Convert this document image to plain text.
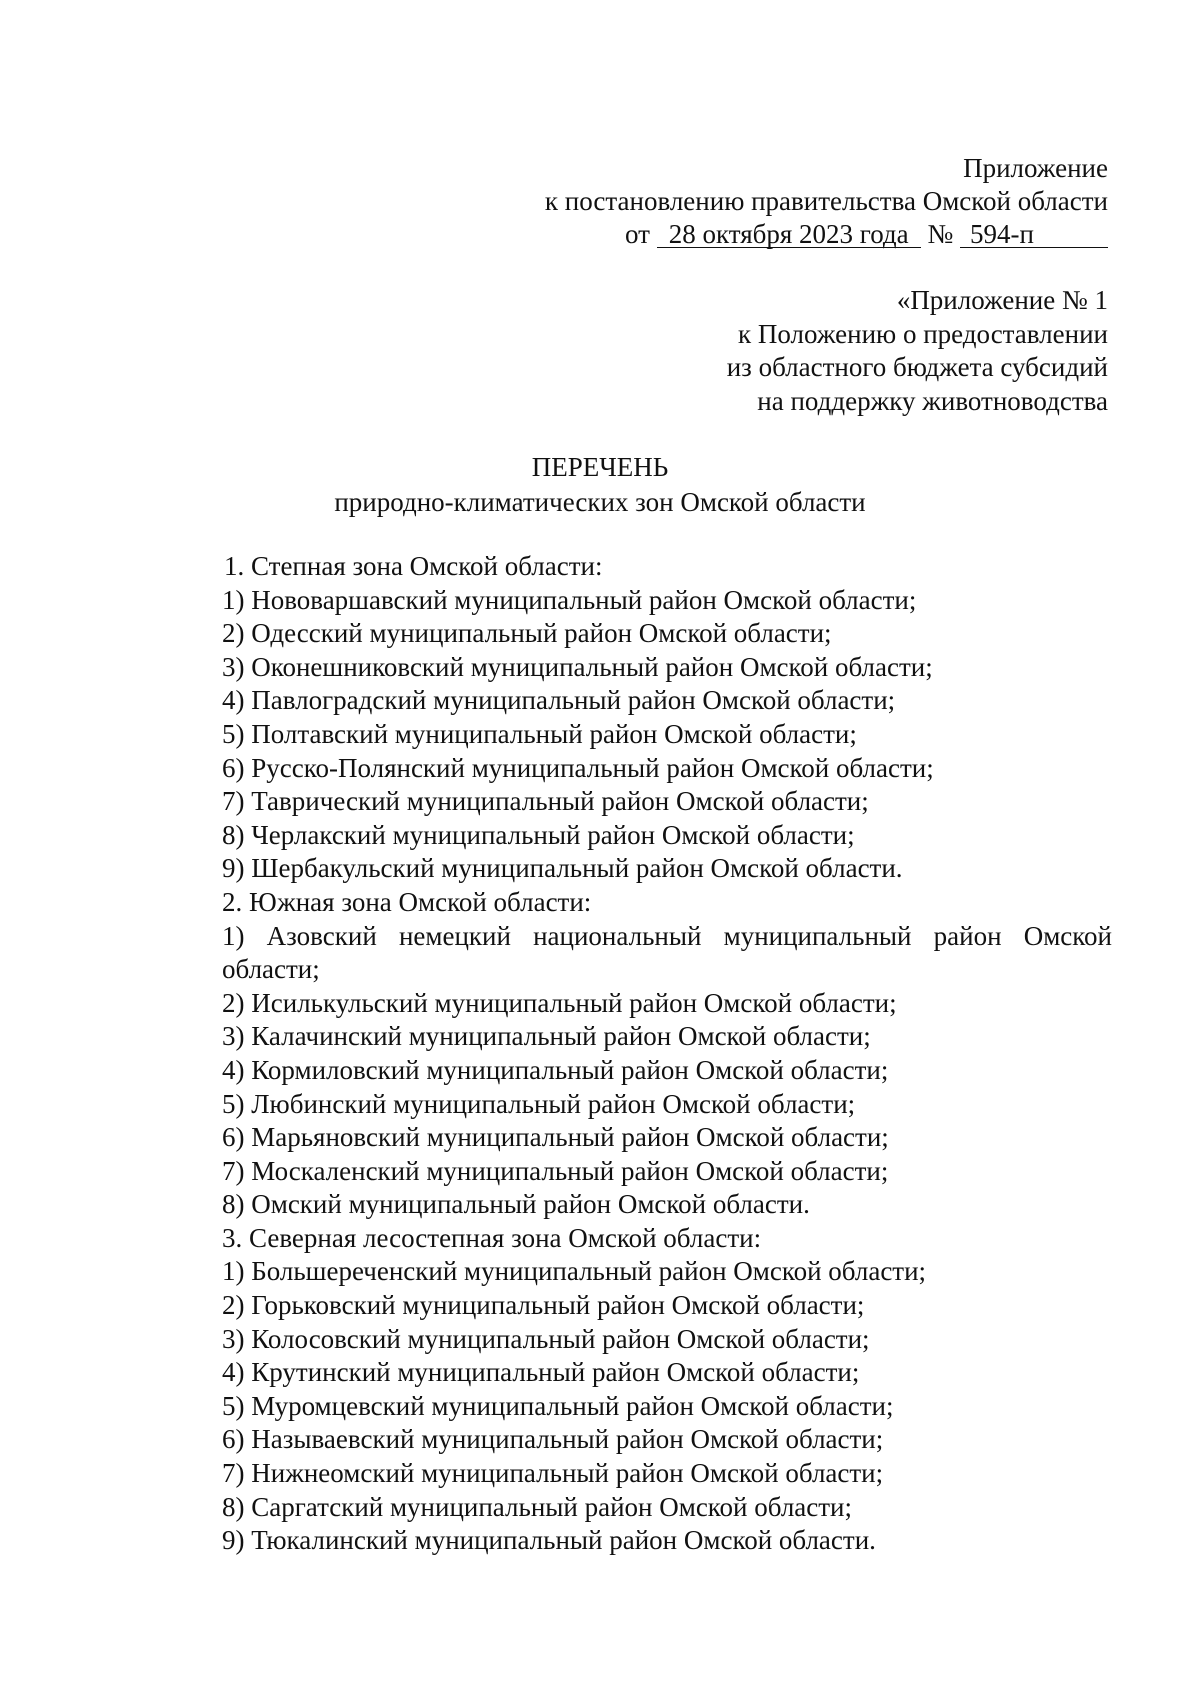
Приложение
к постановлению правительства Омской области
от 28 октября 2023 года № 594-п
«Приложение № 1
к Положению о предоставлении
из областного бюджета субсидий
на поддержку животноводства
ПЕРЕЧЕНЬ
природно-климатических зон Омской области
1. Степная зона Омской области:
1) Нововаршавский муниципальный район Омской области;
2) Одесский муниципальный район Омской области;
3) Оконешниковский муниципальный район Омской области;
4) Павлоградский муниципальный район Омской области;
5) Полтавский муниципальный район Омской области;
6) Русско-Полянский муниципальный район Омской области;
7) Таврический муниципальный район Омской области;
8) Черлакский муниципальный район Омской области;
9) Шербакульский муниципальный район Омской области.
2. Южная зона Омской области:
1) Азовский немецкий национальный муниципальный район Омской
области;
2) Исилькульский муниципальный район Омской области;
3) Калачинский муниципальный район Омской области;
4) Кормиловский муниципальный район Омской области;
5) Любинский муниципальный район Омской области;
6) Марьяновский муниципальный район Омской области;
7) Москаленский муниципальный район Омской области;
8) Омский муниципальный район Омской области.
3. Северная лесостепная зона Омской области:
1) Большереченский муниципальный район Омской области;
2) Горьковский муниципальный район Омской области;
3) Колосовский муниципальный район Омской области;
4) Крутинский муниципальный район Омской области;
5) Муромцевский муниципальный район Омской области;
6) Называевский муниципальный район Омской области;
7) Нижнеомский муниципальный район Омской области;
8) Саргатский муниципальный район Омской области;
9) Тюкалинский муниципальный район Омской области.
